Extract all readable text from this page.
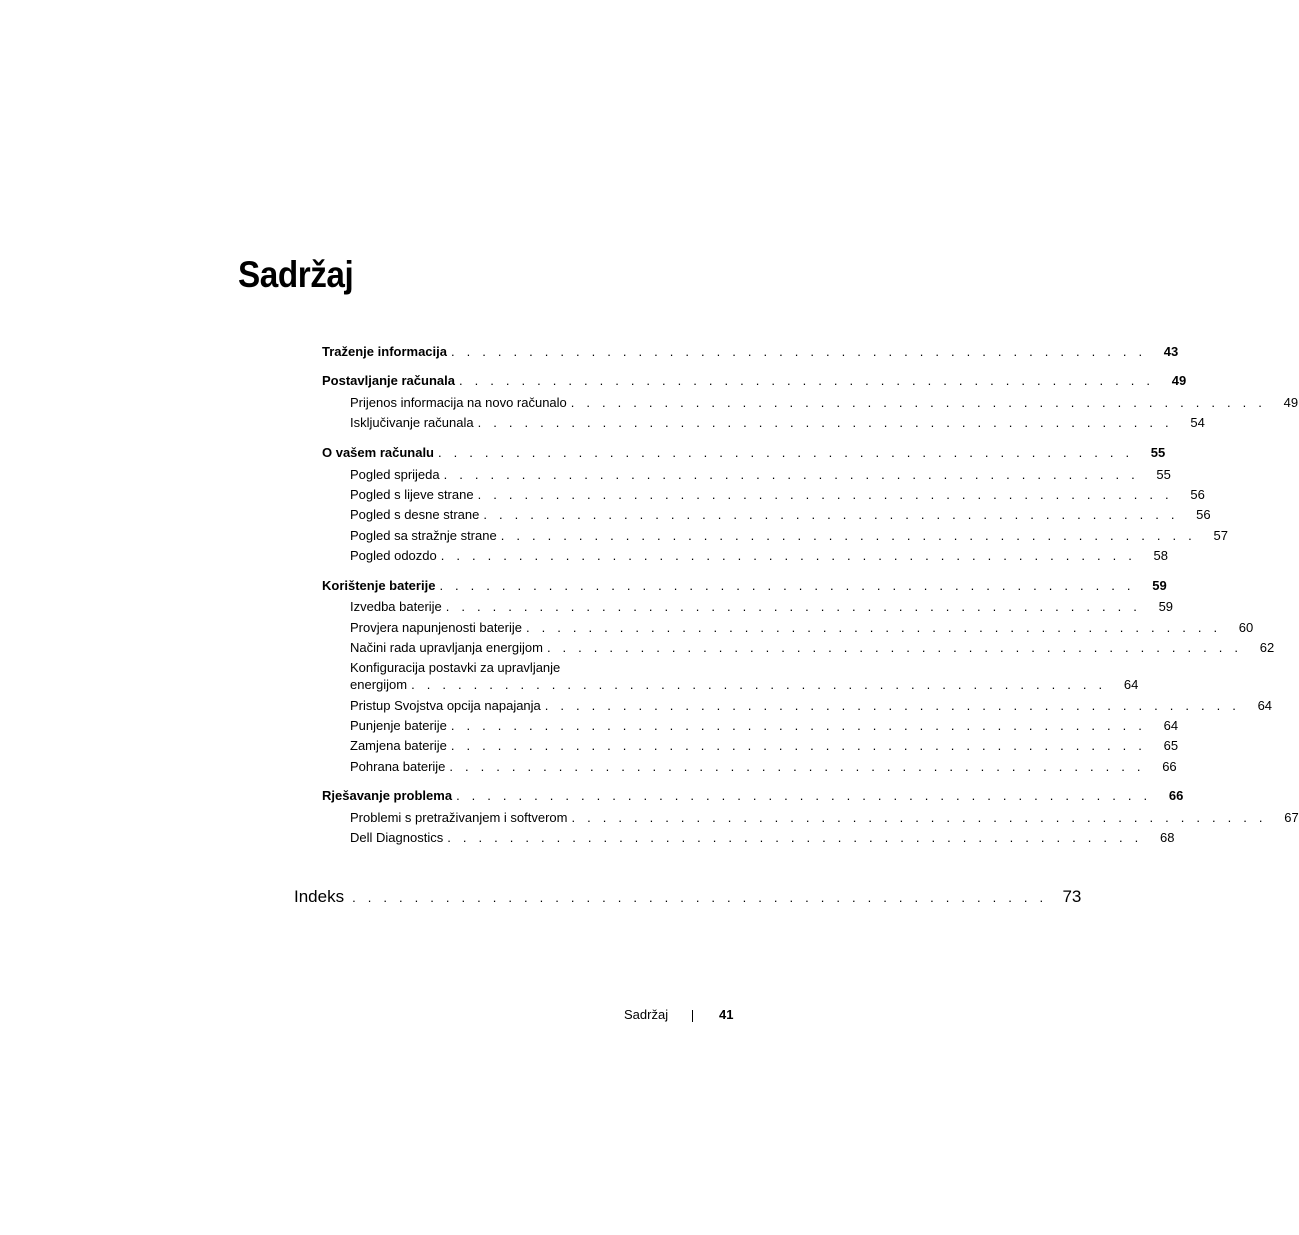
Sadržaj
Traženje informacija . . . . . . . . . . . . . . . . . . . . . . . . . . . . . . . . . . . . . . . . . . . . .	43
Postavljanje računala . . . . . . . . . . . . . . . . . . . . . . . . . . . . . . . . . . . . . . . . . . . . .	49
Prijenos informacija na novo računalo . . . . . . . . . . . . . . . . . . . . . . . . . . . . . . . . . . . . . . . . . . . . .	49
Isključivanje računala . . . . . . . . . . . . . . . . . . . . . . . . . . . . . . . . . . . . . . . . . . . . .	54
O vašem računalu . . . . . . . . . . . . . . . . . . . . . . . . . . . . . . . . . . . . . . . . . . . . .	55
Pogled sprijeda . . . . . . . . . . . . . . . . . . . . . . . . . . . . . . . . . . . . . . . . . . . . .	55
Pogled s lijeve strane . . . . . . . . . . . . . . . . . . . . . . . . . . . . . . . . . . . . . . . . . . . . .	56
Pogled s desne strane . . . . . . . . . . . . . . . . . . . . . . . . . . . . . . . . . . . . . . . . . . . . .	56
Pogled sa stražnje strane . . . . . . . . . . . . . . . . . . . . . . . . . . . . . . . . . . . . . . . . . . . . .	57
Pogled odozdo . . . . . . . . . . . . . . . . . . . . . . . . . . . . . . . . . . . . . . . . . . . . .	58
Korištenje baterije . . . . . . . . . . . . . . . . . . . . . . . . . . . . . . . . . . . . . . . . . . . . .	59
Izvedba baterije . . . . . . . . . . . . . . . . . . . . . . . . . . . . . . . . . . . . . . . . . . . . .	59
Provjera napunjenosti baterije . . . . . . . . . . . . . . . . . . . . . . . . . . . . . . . . . . . . . . . . . . . . .	60
Načini rada upravljanja energijom . . . . . . . . . . . . . . . . . . . . . . . . . . . . . . . . . . . . . . . . . . . . .	62
Konfiguracija postavki za upravljanje
energijom . . . . . . . . . . . . . . . . . . . . . . . . . . . . . . . . . . . . . . . . . . . . .	64
Pristup Svojstva opcija napajanja . . . . . . . . . . . . . . . . . . . . . . . . . . . . . . . . . . . . . . . . . . . . .	64
Punjenje baterije . . . . . . . . . . . . . . . . . . . . . . . . . . . . . . . . . . . . . . . . . . . . .	64
Zamjena baterije . . . . . . . . . . . . . . . . . . . . . . . . . . . . . . . . . . . . . . . . . . . . .	65
Pohrana baterije . . . . . . . . . . . . . . . . . . . . . . . . . . . . . . . . . . . . . . . . . . . . .	66
Rješavanje problema . . . . . . . . . . . . . . . . . . . . . . . . . . . . . . . . . . . . . . . . . . . . .	66
Problemi s pretraživanjem i softverom . . . . . . . . . . . . . . . . . . . . . . . . . . . . . . . . . . . . . . . . . . . . .	67
Dell Diagnostics . . . . . . . . . . . . . . . . . . . . . . . . . . . . . . . . . . . . . . . . . . . . .	68
Indeks . . . . . . . . . . . . . . . . . . . . . . . . . . . . . . . . . . . . . . . . . . . . . 73
Sadržaj	41
